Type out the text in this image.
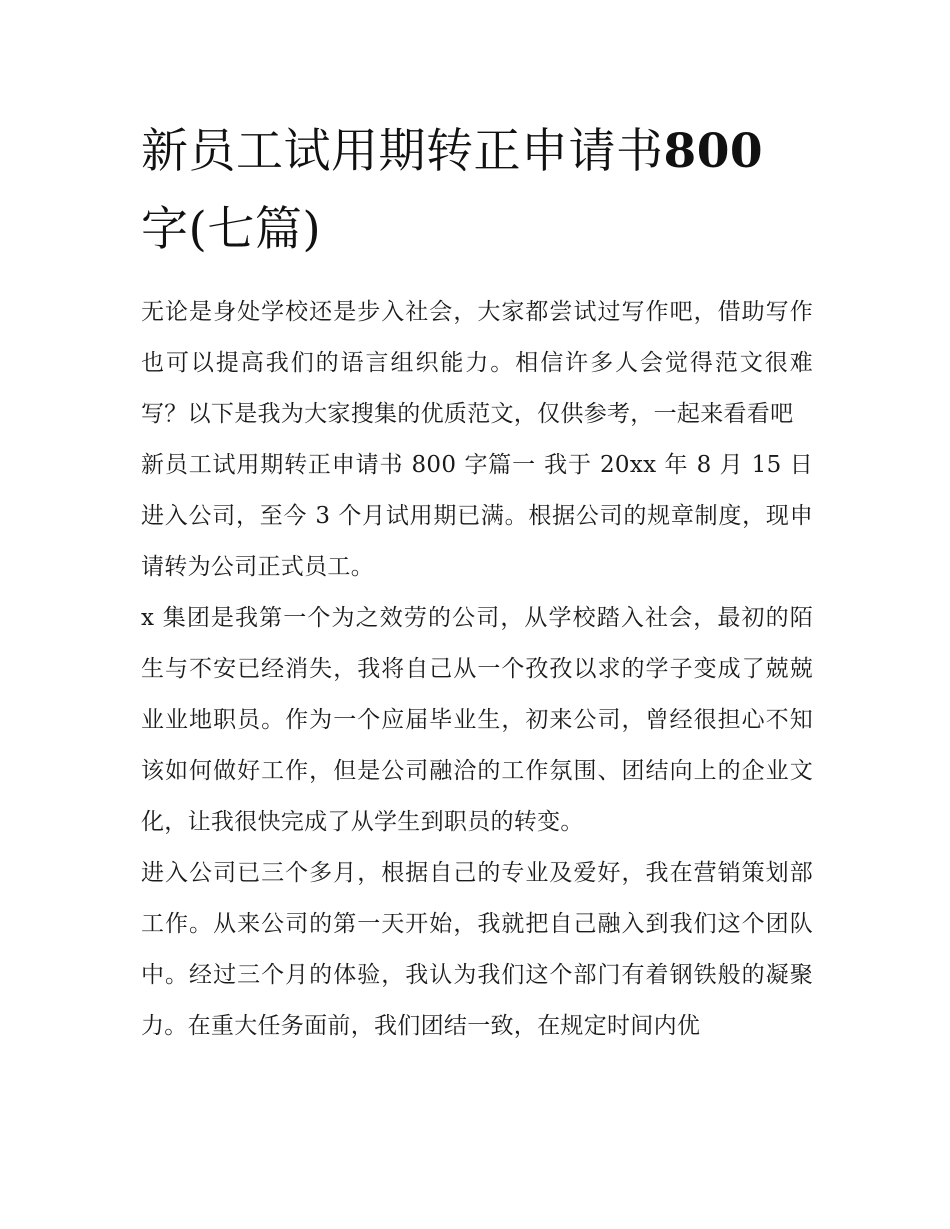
新员工试用期转正申请书800
字(七篇)

无论是身处学校还是步入社会，大家都尝试过写作吧，借助写作也可以提高我们的语言组织能力。相信许多人会觉得范文很难写？以下是我为大家搜集的优质范文，仅供参考，一起来看看吧

新员工试用期转正申请书 800 字篇一 我于 20xx 年 8 月 15 日进入公司，至今 3 个月试用期已满。根据公司的规章制度，现申请转为公司正式员工。

x 集团是我第一个为之效劳的公司，从学校踏入社会，最初的陌生与不安已经消失，我将自己从一个孜孜以求的学子变成了兢兢业业地职员。作为一个应届毕业生，初来公司，曾经很担心不知该如何做好工作，但是公司融洽的工作氛围、团结向上的企业文化，让我很快完成了从学生到职员的转变。

进入公司已三个多月，根据自己的专业及爱好，我在营销策划部工作。从来公司的第一天开始，我就把自己融入到我们这个团队中。经过三个月的体验，我认为我们这个部门有着钢铁般的凝聚力。在重大任务面前，我们团结一致，在规定时间内优
